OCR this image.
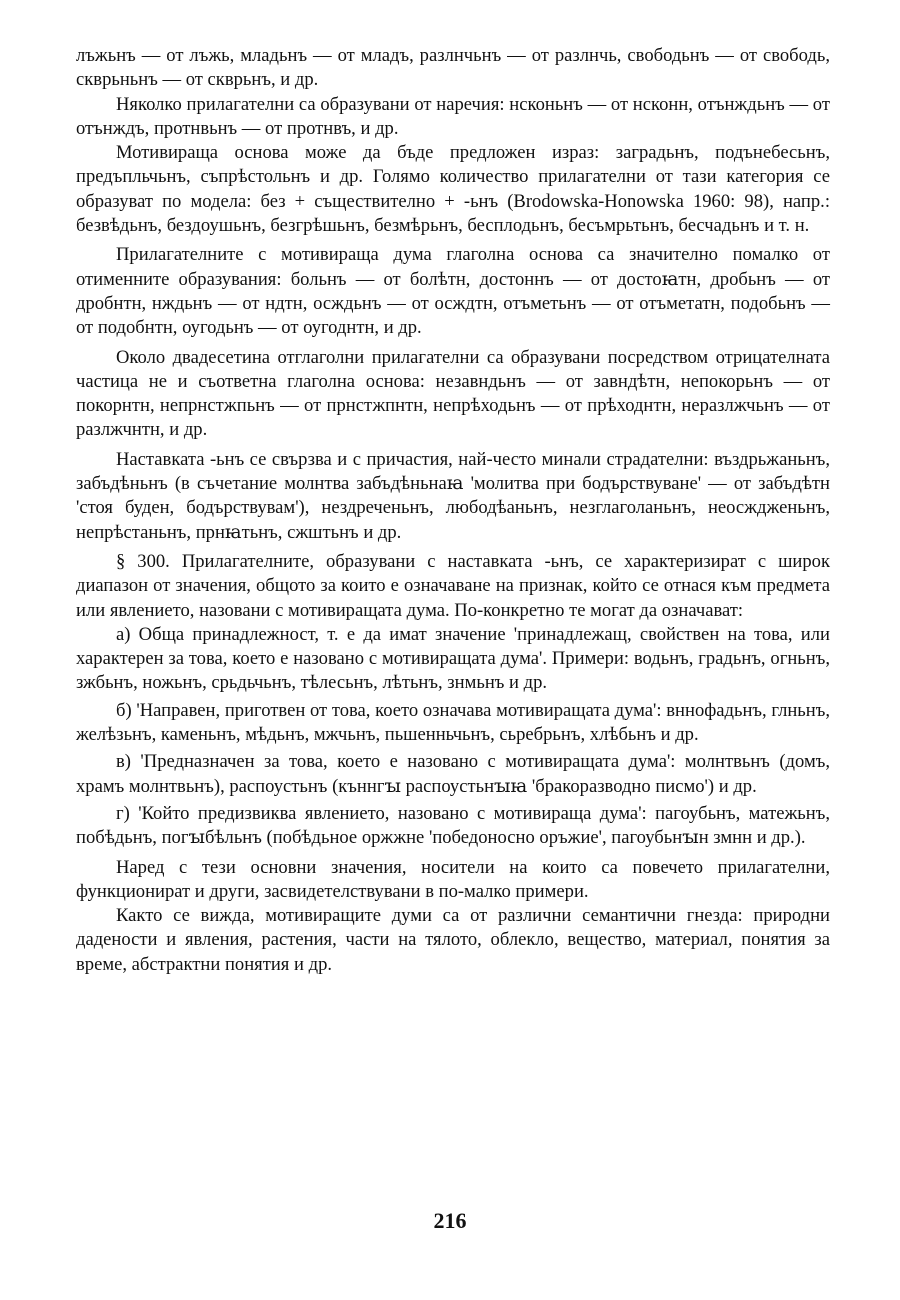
лъжьнъ — от лъжь, младьнъ — от младъ, разлнчьнъ — от разлнчь, свободьнъ — от свободь, скврьньнъ — от скврьнъ, и др.

Няколко прилагателни са образувани от наречия: нсконьнъ — от нсконн, отънждьнъ — от отънждъ, протнвьнъ — от протнвъ, и др.

Мотивираща основа може да бъде предложен израз: заградьнъ, подънебесьнъ, предъпльчьнъ, съпрѣстольнъ и др. Голямо количество прилагателни от тази категория се образуват по модела: без + съществително + -ьнъ (Brodowska-Honowska 1960: 98), напр.: безвѣдьнъ, бездоушьнъ, безгрѣшьнъ, безмѣрьнъ, бесплодьнъ, бесъмрьтьнъ, бесчадьнъ и т. н.

Прилагателните с мотивираща дума глаголна основа са значително помалко от отименните образувания: больнъ — от болѣтн, достоннъ — от достоꙗтн, дробьнъ — от дробнтн, нждьнъ — от ндтн, осждьнъ — от осждтн, отъметьнъ — от отъметатн, подобьнъ — от подобнтн, оугодьнъ — от оугоднтн, и др.

Около двадесетина отглаголни прилагателни са образувани посредством отрицателната частица не и съответна глаголна основа: незавндьнъ — от завндѣтн, непокорьнъ — от покорнтн, непрнстжпьнъ — от прнстжпнтн, непрѣходьнъ — от прѣходнтн, неразлжчьнъ — от разлжчнтн, и др.

Наставката -ьнъ се свързва и с причастия, най-често минали страдателни: въздрьжаньнъ, забъдѣньнъ (в съчетание молнтва забъдѣньнаꙗ 'молитва при бодърствуване' — от забъдѣтн 'стоя буден, бодърствувам'), нездреченьнъ, любодѣаньнъ, незглаголаньнъ, неосждженьнъ, непрѣстаньнъ, прнꙗтьнъ, сжштьнъ и др.

§ 300. Прилагателните, образувани с наставката -ьнъ, се характеризират с широк диапазон от значения, общото за които е означаване на признак, който се отнася към предмета или явлението, назовани с мотивиращата дума. По-конкретно те могат да означават:

а) Обща принадлежност, т. е да имат значение 'принадлежащ, свойствен на това, или характерен за това, което е назовано с мотивиращата дума'. Примери: водьнъ, градьнъ, огньнъ, зжбьнъ, ножьнъ, срьдьчьнъ, тѣлесьнъ, лѣтьнъ, знмьнъ и др.

б) 'Направен, приготвен от това, което означава мотивиращата дума': вннофадьнъ, глньнъ, желѣзьнъ, каменьнъ, мѣдьнъ, мжчьнъ, пьшенньчьнъ, сьребрьнъ, хлѣбьнъ и др.

в) 'Предназначен за това, което е назовано с мотивиращата дума': молнтвьнъ (домъ, храмъ молнтвьнъ), распоустьнъ (къннгꙑ распоустьнꙑꙗ 'бракоразводно писмо') и др.

г) 'Който предизвиква явлението, назовано с мотивираща дума': пагоубьнъ, матежьнъ, побѣдьнъ, погꙑбѣльнъ (побѣдьное оржжне 'победоносно оръжие', пагоубьнꙑн змнн и др.).

Наред с тези основни значения, носители на които са повечето прилагателни, функционират и други, засвидетелствувани в по-малко примери.

Както се вижда, мотивиращите думи са от различни семантични гнезда: природни дадености и явления, растения, части на тялото, облекло, вещество, материал, понятия за време, абстрактни понятия и др.

216
